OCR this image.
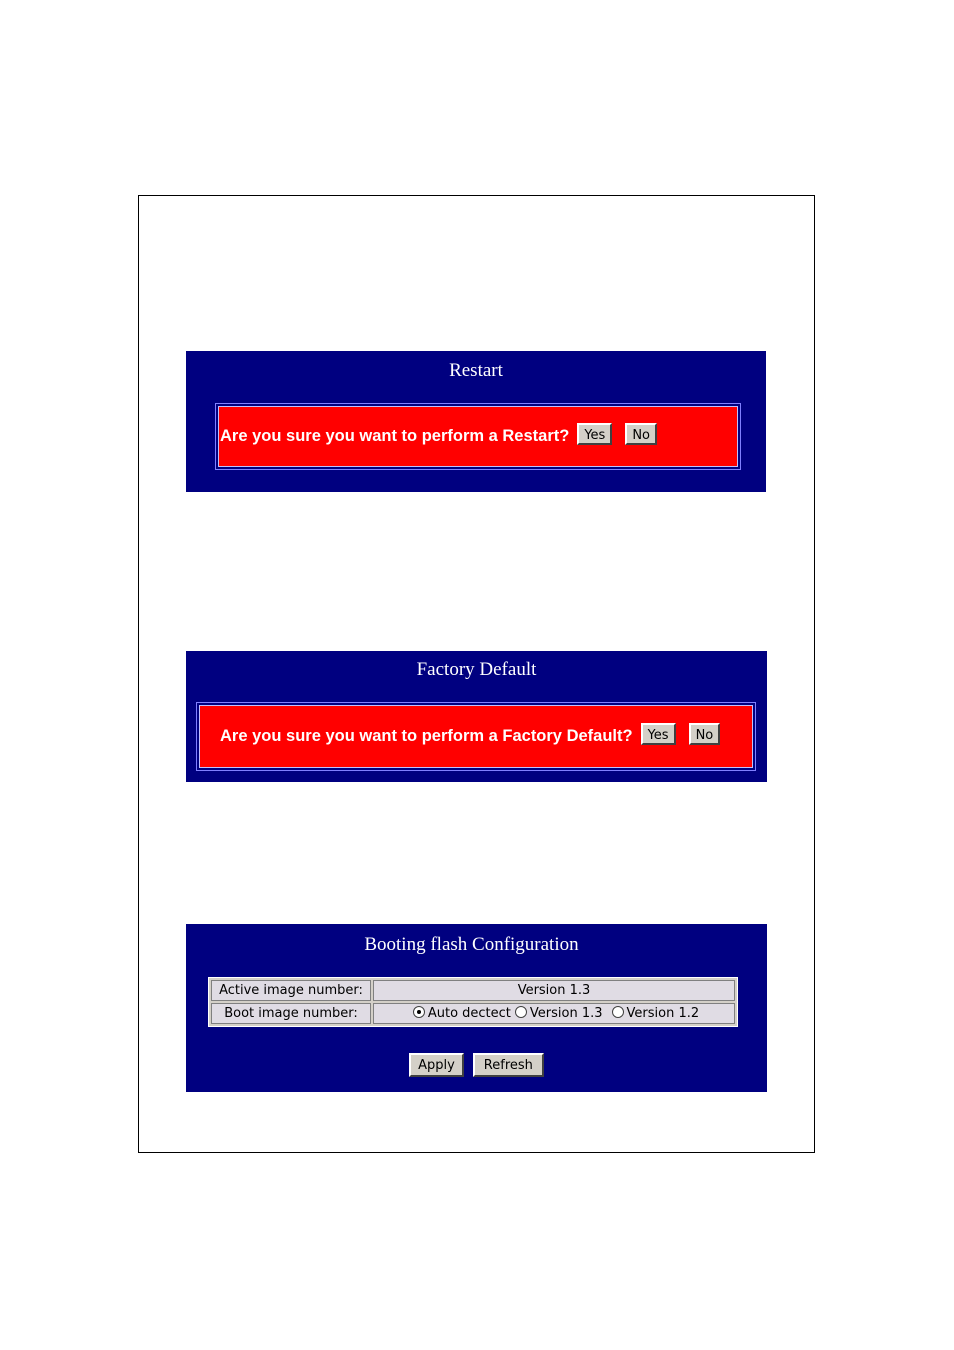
Restart
Are you sure you want to perform a Restart?	Yes	No
Factory Default
Are you sure you want to perform a Factory Default?	Yes	No
Booting flash Configuration
Active image number:	Version 1.3
Boot image number:	Auto dectect Version 1.3 Version 1.2
Apply Refresh
